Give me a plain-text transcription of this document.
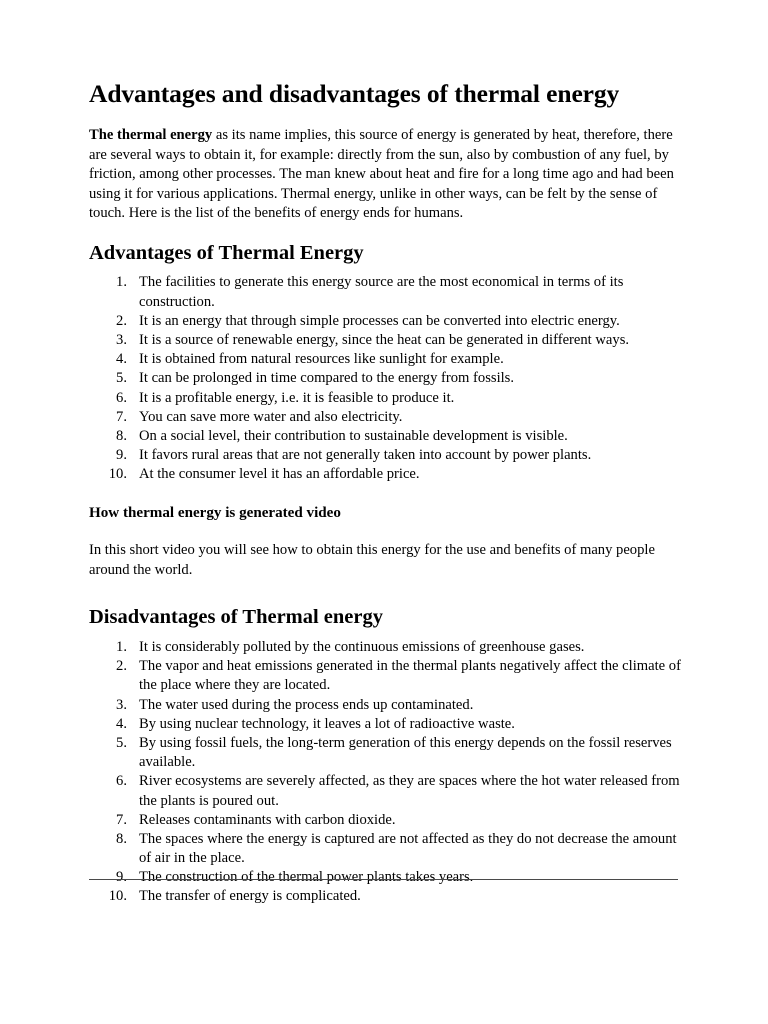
Advantages and disadvantages of thermal energy

The thermal energy as its name implies, this source of energy is generated by heat, therefore, there are several ways to obtain it, for example: directly from the sun, also by combustion of any fuel, by friction, among other processes. The man knew about heat and fire for a long time ago and had been using it for various applications. Thermal energy, unlike in other ways, can be felt by the sense of touch. Here is the list of the benefits of energy ends for humans.

Advantages of Thermal Energy
The facilities to generate this energy source are the most economical in terms of its construction.
It is an energy that through simple processes can be converted into electric energy.
It is a source of renewable energy, since the heat can be generated in different ways.
It is obtained from natural resources like sunlight for example.
It can be prolonged in time compared to the energy from fossils.
It is a profitable energy, i.e. it is feasible to produce it.
You can save more water and also electricity.
On a social level, their contribution to sustainable development is visible.
It favors rural areas that are not generally taken into account by power plants.
At the consumer level it has an affordable price.
How thermal energy is generated video

In this short video you will see how to obtain this energy for the use and benefits of many people around the world.

Disadvantages of Thermal energy
It is considerably polluted by the continuous emissions of greenhouse gases.
The vapor and heat emissions generated in the thermal plants negatively affect the climate of the place where they are located.
The water used during the process ends up contaminated.
By using nuclear technology, it leaves a lot of radioactive waste.
By using fossil fuels, the long-term generation of this energy depends on the fossil reserves available.
River ecosystems are severely affected, as they are spaces where the hot water released from the plants is poured out.
Releases contaminants with carbon dioxide.
The spaces where the energy is captured are not affected as they do not decrease the amount of air in the place.
The construction of the thermal power plants takes years.
The transfer of energy is complicated.
